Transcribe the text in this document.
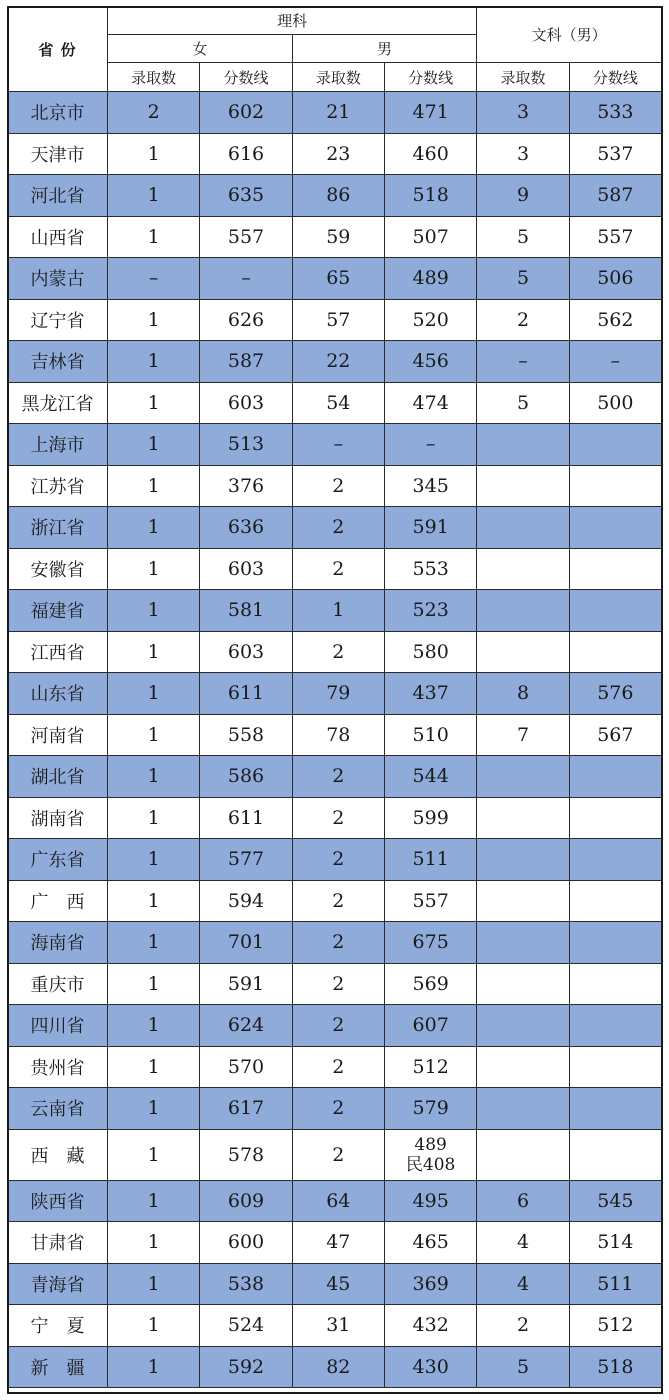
省 份	理科				文科（男）	
	女		男			
	录取数	分数线	录取数	分数线	录取数	分数线
北京市	2	602	21	471	3	533
天津市	1	616	23	460	3	537
河北省	1	635	86	518	9	587
山西省	1	557	59	507	5	557
内蒙古	–	–	65	489	5	506
辽宁省	1	626	57	520	2	562
吉林省	1	587	22	456	–	–
黑龙江省	1	603	54	474	5	500
上海市	1	513	–	–		
江苏省	1	376	2	345		
浙江省	1	636	2	591		
安徽省	1	603	2	553		
福建省	1	581	1	523		
江西省	1	603	2	580		
山东省	1	611	79	437	8	576
河南省	1	558	78	510	7	567
湖北省	1	586	2	544		
湖南省	1	611	2	599		
广东省	1	577	2	511		
广　西	1	594	2	557		
海南省	1	701	2	675		
重庆市	1	591	2	569		
四川省	1	624	2	607		
贵州省	1	570	2	512		
云南省	1	617	2	579		
西　藏	1	578	2	489
民408		

陕西省	1	609	64	495	6	545
甘肃省	1	600	47	465	4	514
青海省	1	538	45	369	4	511
宁　夏	1	524	31	432	2	512
新　疆	1	592	82	430	5	518
